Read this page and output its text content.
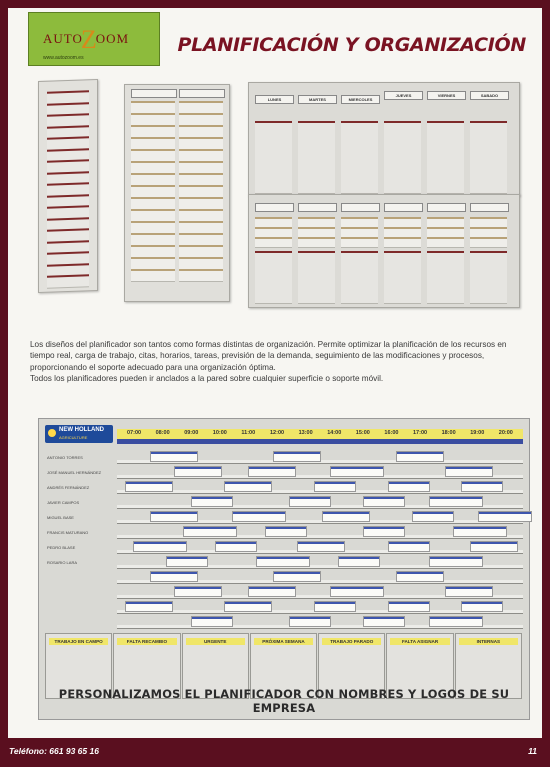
AUTOZOOM
www.autozoom.es
PLANIFICACIÓN Y ORGANIZACIÓN
LUNES	MARTES	MIERCOLES
JUEVES	VIERNES	SABADO

Los diseños del planificador son tantos como formas distintas de organización. Permite optimizar la planificación de los recursos en tiempo real, carga de trabajo, citas, horarios, tareas, previsión de la demanda, seguimiento de las modificaciones y procesos, proporcionando el soporte adecuado para una organización óptima.

Todos los planificadores pueden ir anclados a la pared sobre cualquier superficie o soporte móvil.

NEW HOLLAND
AGRICULTURE
07:00	08:00	09:00	10:00	11:00	12:00	13:00	14:00	15:00	16:00	17:00	18:00	19:00	20:00
ANTONIO TORRES
JOSÉ MANUEL HERNÁNDEZ
ANDRÉS FERNÁNDEZ
JAVIER CAMPOS
MIGUEL BASE
FRANCIS MATURANO
PEDRO BLASE
ROSARIO LARA
TRABAJO EN CAMPO	FALTA RECAMBIO	URGENTE	PRÓXIMA SEMANA	TRABAJO PARADO	FALTA ASIGNAR	INTERNAS
PERSONALIZAMOS EL PLANIFICADOR CON NOMBRES Y LOGOS DE SU EMPRESA
Teléfono: 661 93 65 16	11
